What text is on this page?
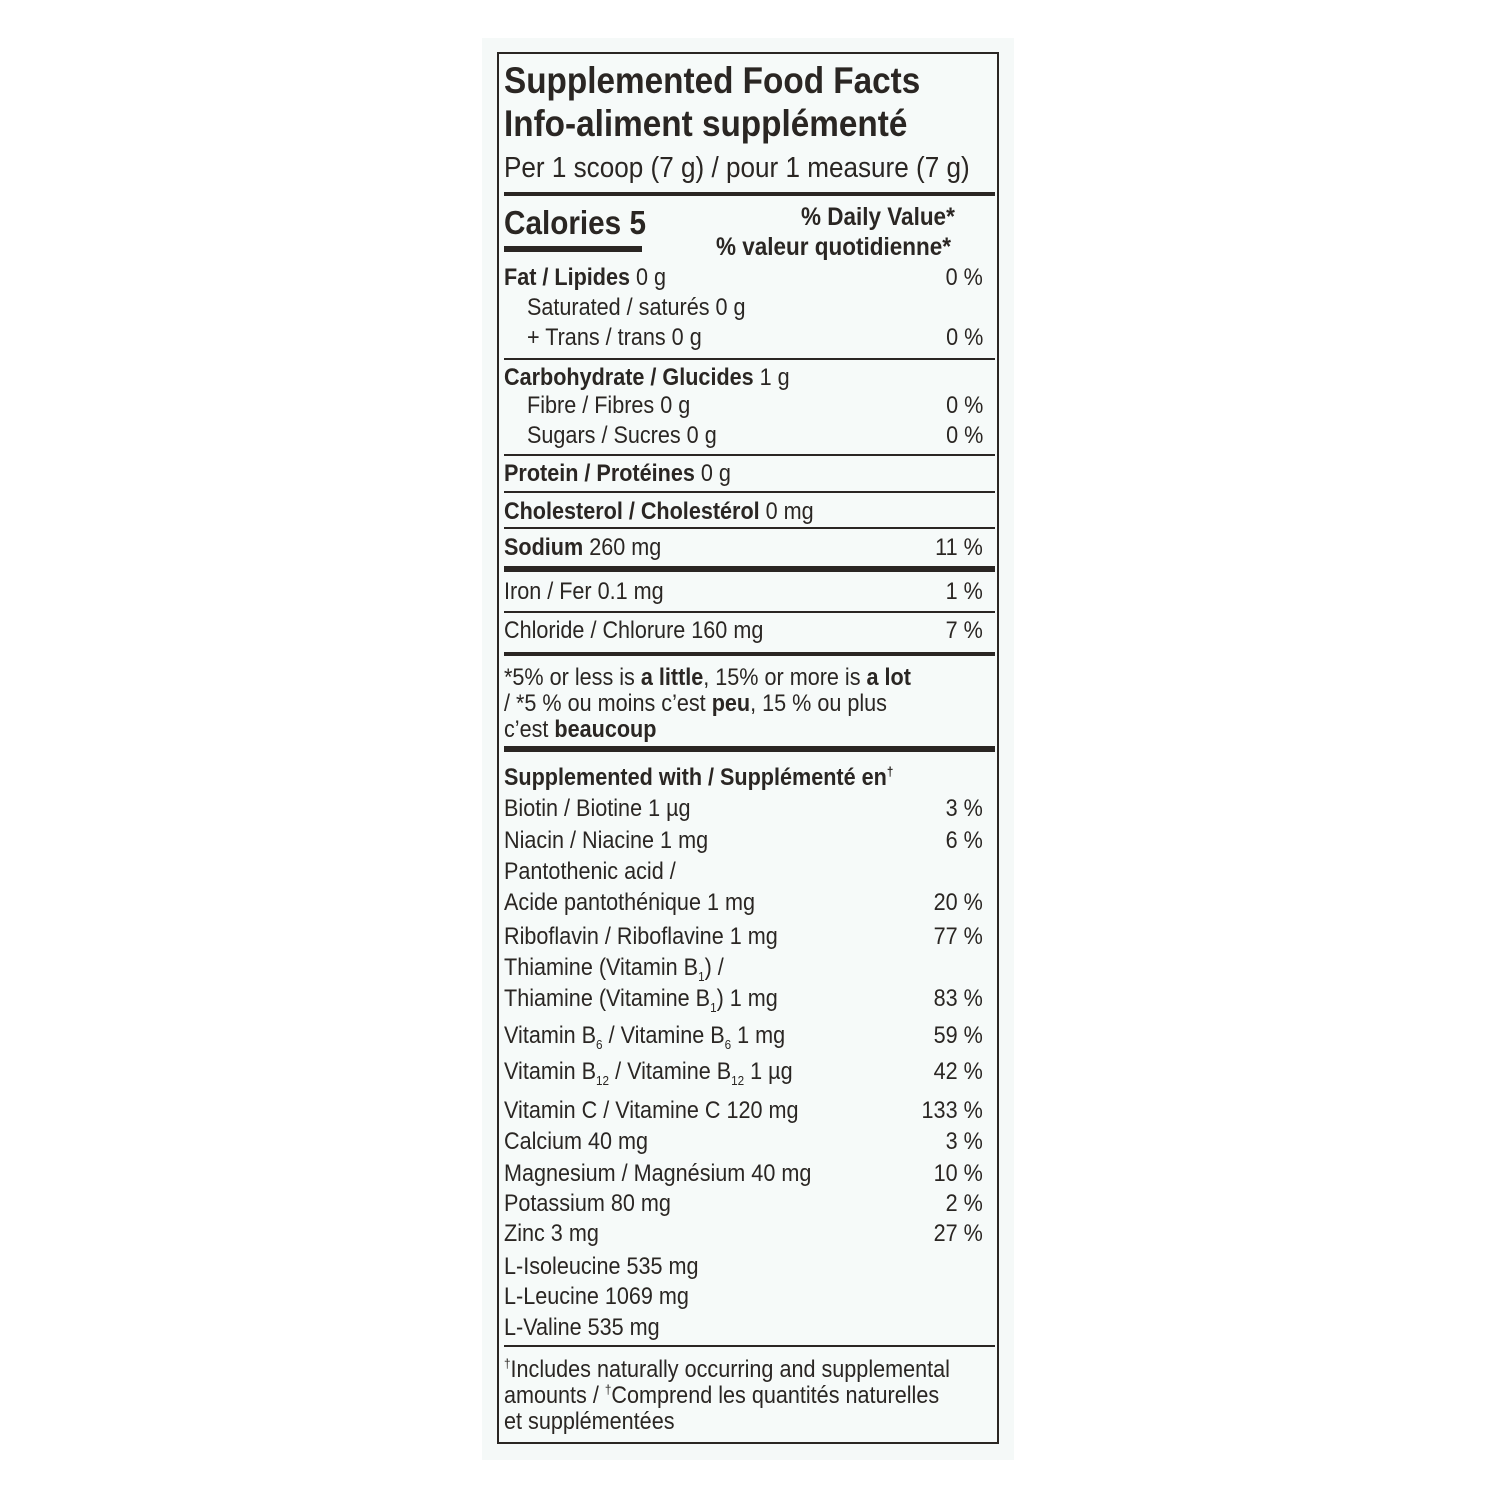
Supplemented Food Facts
Info-aliment supplémenté
Per 1 scoop (7 g) / pour 1 measure (7 g)
Calories 5	% Daily Value*
% valeur quotidienne*
Fat / Lipides 0 g	0 %
Saturated / saturés 0 g
+ Trans / trans 0 g	0 %
Carbohydrate / Glucides 1 g
Fibre / Fibres 0 g	0 %
Sugars / Sucres 0 g	0 %
Protein / Protéines 0 g
Cholesterol / Cholestérol 0 mg
Sodium 260 mg	11 %
Iron / Fer 0.1 mg	1 %
Chloride / Chlorure 160 mg	7 %
*5% or less is a little, 15% or more is a lot
/ *5 % ou moins c’est peu, 15 % ou plus
c’est beaucoup
Supplemented with / Supplémenté en†
Biotin / Biotine 1 µg	3 %
Niacin / Niacine 1 mg	6 %
Pantothenic acid /
Acide pantothénique 1 mg	20 %
Riboflavin / Riboflavine 1 mg	77 %
Thiamine (Vitamin $B_1$) /
Thiamine (Vitamine $B_1$) 1 mg	83 %
Vitamin $B_6$ / Vitamine $B_6$ 1 mg	59 %
Vitamin $B_{12}$ / Vitamine $B_{12}$ 1 µg	42 %
Vitamin C / Vitamine C 120 mg	133 %
Calcium 40 mg	3 %
Magnesium / Magnésium 40 mg	10 %
Potassium 80 mg	2 %
Zinc 3 mg	27 %
L-Isoleucine 535 mg
L-Leucine 1069 mg
L-Valine 535 mg
†Includes naturally occurring and supplemental
amounts / †Comprend les quantités naturelles
et supplémentées
